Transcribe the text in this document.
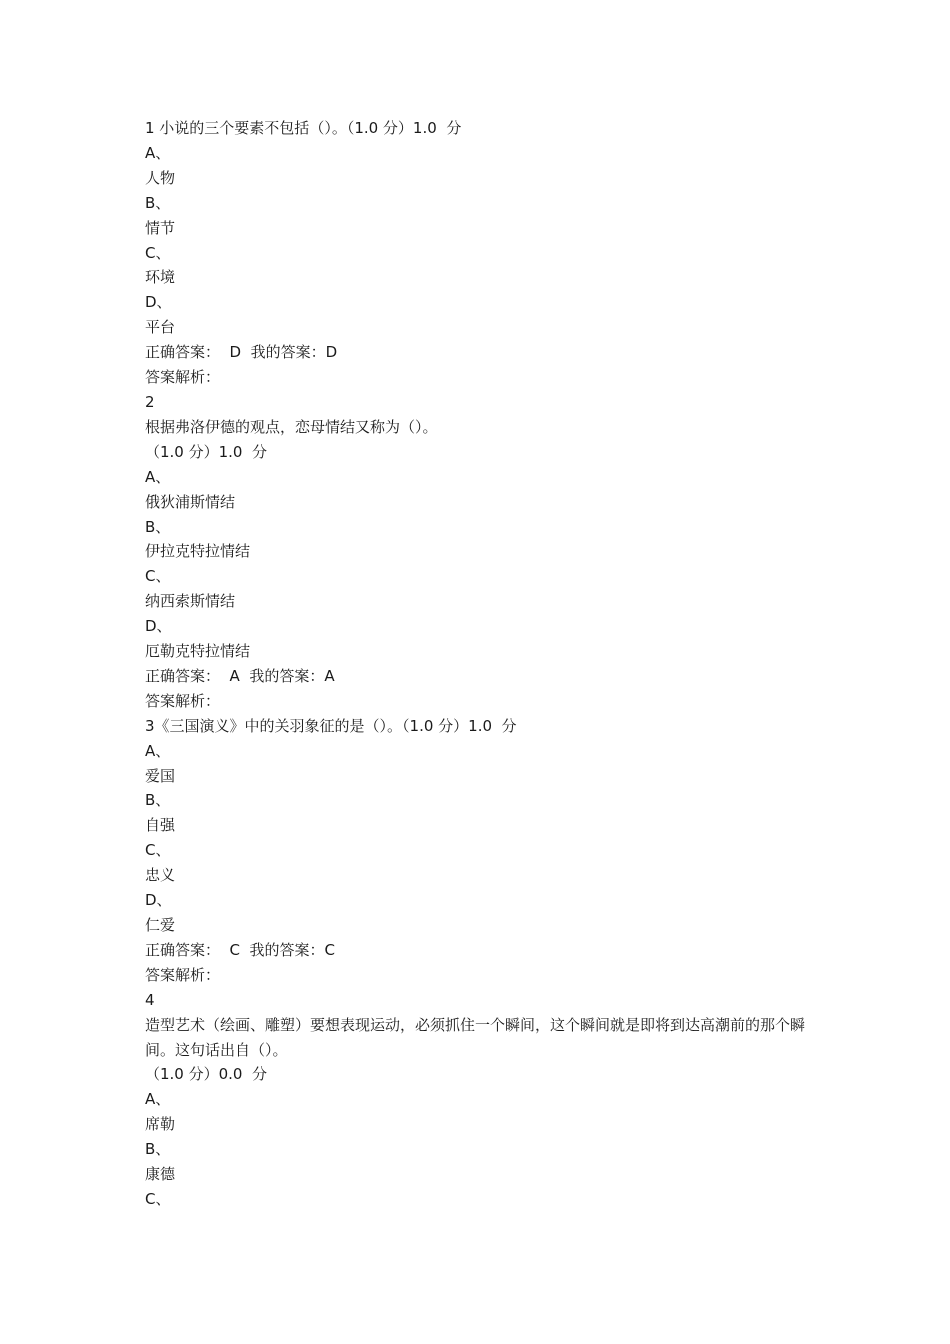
1 小说的三个要素不包括（）。（1.0 分）1.0  分
A、
人物
B、
情节
C、
环境
D、
平台
正确答案：  D  我的答案：D
答案解析：
2
根据弗洛伊德的观点，恋母情结又称为（）。
（1.0 分）1.0  分
A、
俄狄浦斯情结
B、
伊拉克特拉情结
C、
纳西索斯情结
D、
厄勒克特拉情结
正确答案：  A  我的答案：A
答案解析：
3《三国演义》中的关羽象征的是（）。（1.0 分）1.0  分
A、
爱国
B、
自强
C、
忠义
D、
仁爱
正确答案：  C  我的答案：C
答案解析：
4
造型艺术（绘画、雕塑）要想表现运动，必须抓住一个瞬间，这个瞬间就是即将到达高潮前的那个瞬间。这句话出自（）。
（1.0 分）0.0  分
A、
席勒
B、
康德
C、
